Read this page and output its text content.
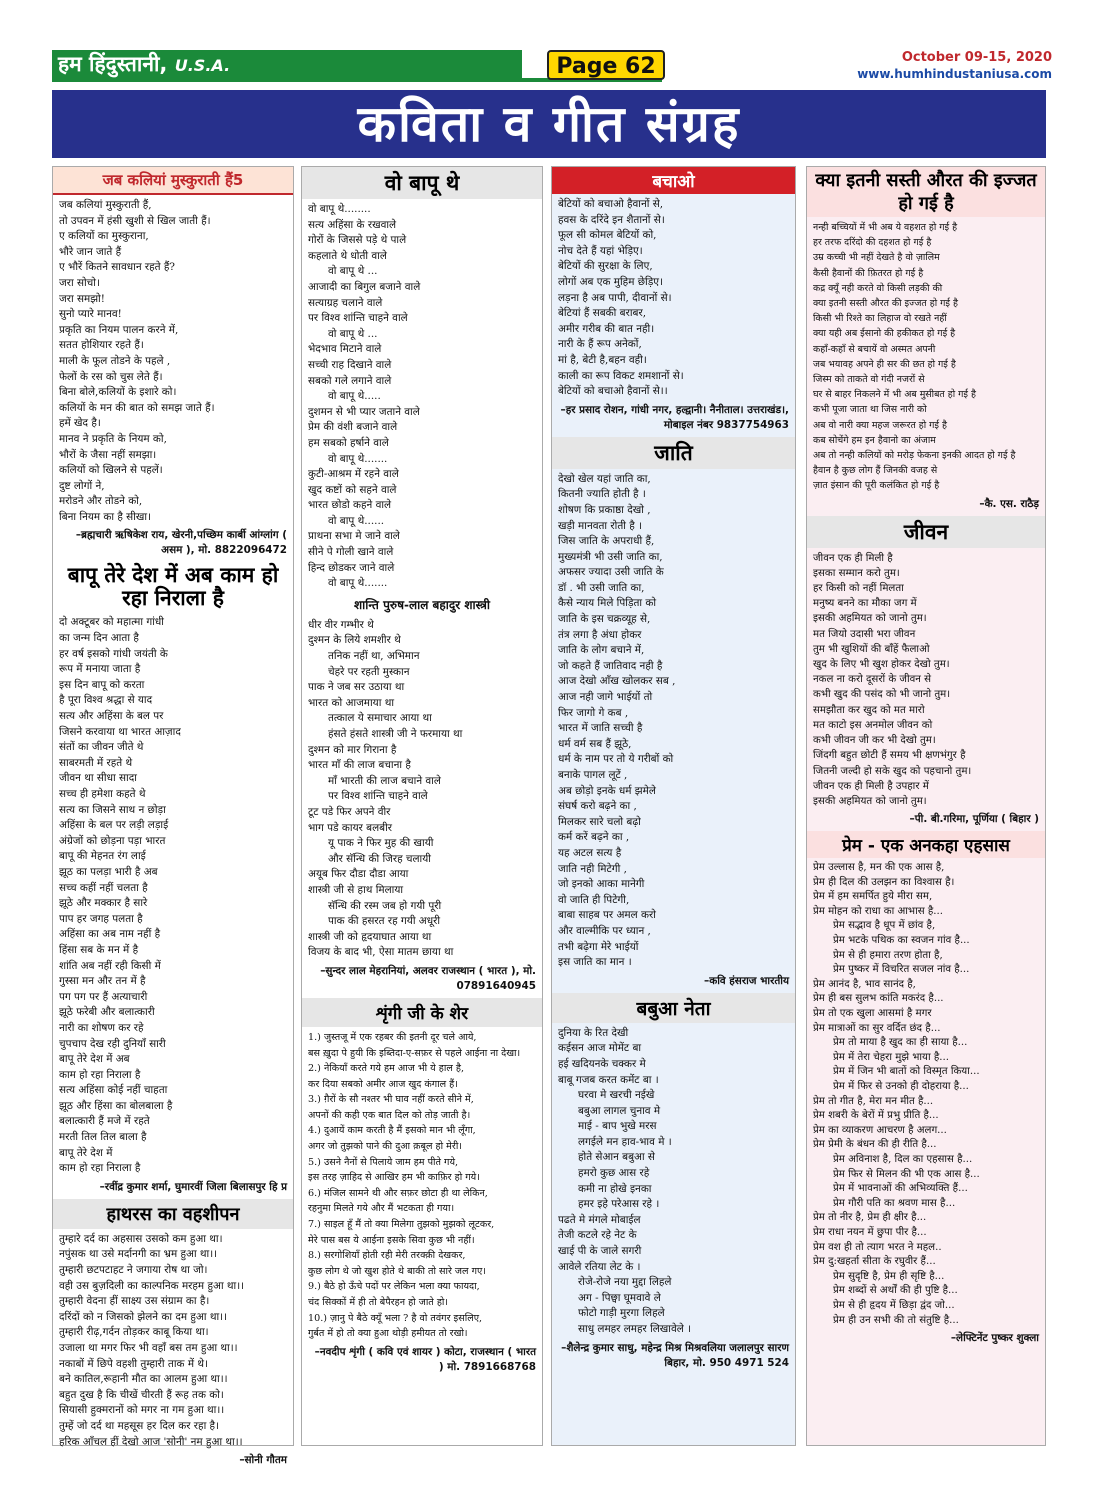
हम हिंदुस्तानी, U.S.A.	Page 62	October 09-15, 2020
www.humhindustaniusa.com
कविता व गीत संग्रह
जब कलियां मुस्कुराती हैं5
जब कलियां मुस्कुराती हैं,
तो उपवन में हंसी खुशी से खिल जाती हैं।
ए कलियों का मुस्कुराना,
भौरे जान जाते हैं
ए भौरें कितने सावधान रहते हैं?
जरा सोचो।
जरा समझो!
सुनो प्यारे मानव!
प्रकृति का नियम पालन करने में,
सतत होशियार रहते हैं।
माली के फूल तोडने के पहले ,
फेलों के रस को चुस लेते हैं।
बिना बोले,कलियों के इशारे को।
कलियों के मन की बात को समझ जाते हैं।
हमें खेद है।
मानव ने प्रकृति के नियम को,
भौरों के जैसा नहीं समझा।
कलियों को खिलने से पहलें।
दुष्ट लोगों ने,
मरोडने और तोडने को,
बिना नियम का है सीखा।
–ब्रह्मचारी ऋषिकेश राय, खेरनी,पच्छिम कार्बी आंग्लांग ( असम ), मो. 8822096472
बापू तेरे देश में अब काम हो रहा निराला है
दो अक्टूबर को महात्मा गांधी
का जन्म दिन आता है
हर वर्ष इसको गांधी जयंती के
रूप में मनाया जाता है
इस दिन बापू को करता
है पूरा विश्व श्रद्धा से याद
सत्य और अहिंसा के बल पर
जिसने करवाया था भारत आज़ाद
संतों का जीवन जीते थे
साबरमती में रहते थे
जीवन था सीधा सादा
सच्च ही हमेशा कहते थे
सत्य का जिसने साथ न छोड़ा
अहिंसा के बल पर लड़ी लड़ाई
अंग्रेजों को छोड़ना पड़ा भारत
बापू की मेहनत रंग लाई
झूठ का पलड़ा भारी है अब
सच्च कहीं नहीं चलता है
झूठे और मक्कार है सारे
पाप हर जगह पलता है
अहिंसा का अब नाम नहीं है
हिंसा सब के मन में है
शांति अब नहीं रही किसी में
गुस्सा मन और तन में है
पग पग पर हैं अत्याचारी
झूठे फरेबी और बलात्कारी
नारी का शोषण कर रहे
चुपचाप देख रही दुनियाँ सारी
बापू तेरे देश में अब
काम हो रहा निराला है
सत्य अहिंसा कोई नहीं चाहता
झूठ और हिंसा का बोलबाला है
बलात्कारी हैं मजे में रहते
मरती तिल तिल बाला है
बापू तेरे देश में
काम हो रहा निराला है
–रवींद्र कुमार शर्मा, घुमारवीं जिला बिलासपुर हि प्र
हाथरस का वहशीपन
तुम्हारे दर्द का अहसास उसको कम हुआ था।
नपुंसक था उसे मर्दानगी का भ्रम हुआ था।।
तुम्हारी छटपटाहट ने जगाया रोष था जो।
वही उस बुज़दिली का काल्पनिक मरहम हुआ था।।
तुम्हारी वेदना हीं साक्ष्य उस संग्राम का है।
दरिंदों को न जिसको झेलने का दम हुआ था।।
तुम्हारी रीढ़,गर्दन तोड़कर काबू किया था।
उजाला था मगर फिर भी वहाँ बस तम हुआ था।।
नकाबों में छिपे वहशी तुम्हारी ताक में थे।
बने कातिल,रूहानी मौत का आलम हुआ था।।
बहुत दुख है कि चीखें चीरती हैं रूह तक को।
सियासी हुक्मरानों को मगर ना गम हुआ था।।
तुम्हें जो दर्द था महसूस हर दिल कर रहा है।
हरिक आँचल हीं देखो आज 'सोनी' नम हुआ था।।
–सोनी गौतम
वो बापू थे
वो बापू थे........
सत्य अहिंसा के रखवाले
गोरों के जिससे पड़े थे पाले
कहलाते थे धोती वाले
वो बापू थे ...
आजादी का बिगुल बजाने वाले
सत्याग्रह चलाने वाले
पर विश्व शांन्ति चाहने वाले
वो बापू थे ...
भेदभाव मिटाने वाले
सच्ची राह दिखाने वाले
सबको गले लगाने वाले
वो बापू थे.....
दुशमन से भी प्यार जताने वाले
प्रेम की वंशी बजाने वाले
हम सबको हर्षाने वाले
वो बापू थे.......
कुटी-आश्रम में रहने वाले
खुद कष्टों को सहने वाले
भारत छोडो कहने वाले
वो बापू थे......
प्राथना सभा मे जाने वाले
सीने पे गोली खाने वाले
हिन्द छोडकर जाने वाले
वो बापू थे.......
शान्ति पुरुष-लाल बहादुर शास्त्री
धीर वीर गम्भीर थे
दुश्मन के लिये शमशीर थे
तनिक नहीं था, अभिमान
चेहरे पर रहती मुस्कान
पाक ने जब सर उठाया था
भारत को आजमाया था
तत्काल ये समाचार आया था
हंसते हंसते शास्त्री जी ने फरमाया था
दुश्मन को मार गिराना है
भारत माँ की लाज बचाना है
माँ भारती की लाज बचाने वाले
पर विश्व शांन्ति चाहने वाले
टूट पडे फिर अपने वीर
भाग पडे कायर बलबीर
यू पाक ने फिर मुह की खायी
और सॅन्धि की जिरह चलायी
अयूब फिर दौडा दौडा आया
शास्त्री जी से हाथ मिलाया
सॅन्धि की रस्म जब हो गयी पूरी
पाक की हसरत रह गयी अधूरी
शास्त्री जी को हृदयाघात आया था
विजय के बाद भी, ऐसा मातम छाया था
–सुन्दर लाल मेहरानियां, अलवर राजस्थान ( भारत ), मो. 07891640945
शृंगी जी के शेर
1.) जुस्तजू में एक रहबर की इतनी दूर चले आये,
बस ख़ुदा पे हुयी कि इब्तिदा-ए-सफ़र से पहले आईना ना देखा।
2.) नेकियाँ करते गये हम आज भी ये हाल है,
कर दिया सबको अमीर आज खुद कंगाल हैं।
3.) ग़ैरों के सौ नश्तर भी घाव नहीं करते सीने में,
अपनों की कही एक बात दिल को तोड़ जाती है।
4.) दुआयें काम करती है मैं इसको मान भी लूँगा,
अगर जो तुझको पाने की दुआ क़बूल हो मेरी।
5.) उसने नैनों से पिलाये जाम हम पीते गये,
इस तरह ज़ाहिद से आखिर हम भी काफ़िर हो गये।
6.) मंजिल सामने थी और सफ़र छोटा ही था लेकिन,
रहनुमा मिलते गये और मैं भटकता ही गया।
7.) साइल हूँ मैं तो क्या मिलेगा तुझको मुझको लूटकर,
मेरे पास बस ये आईना इसके सिवा कुछ भी नहीं।
8.) सरगोशियाँ होती रही मेरी तरक्क़ी देखकर,
कुछ लोग थे जो खुश होते थे बाकी तो सारे जल गए।
9.) बैठे हो ऊँचे पदों पर लेकिन भला क्या फायदा,
चंद सिक्कों में ही तो बेपैरहन हो जाते हो।
10.) ज़ानु पे बैठे क्यूँ भला ? है वो तवंगर इसलिए,
गुर्बत में हो तो क्या हुआ थोड़ी हमीयत तो रखो।
–नवदीप शृंगी ( कवि एवं शायर ) कोटा, राजस्थान ( भारत ) मो. 7891668768
बचाओ
बेटियों को बचाओ हैवानों से,
हवस के दरिंदे इन शैतानों से।
फूल सी कोमल बेटियों को,
नोच देते हैं यहां भेड़िए।
बेटियों की सुरक्षा के लिए,
लोगों अब एक मुहिम छेड़िए।
लड़ना है अब पापी, दीवानों से।
बेटियां हैं सबकी बराबर,
अमीर गरीब की बात नही।
नारी के हैं रूप अनेकों,
मां है, बेटी है,बहन वही।
काली का रूप विकट शमशानों से।
बेटियों को बचाओ हैवानों से।।
–हर प्रसाद रोशन, गांधी नगर, हल्द्वानी। नैनीताल। उत्तराखंड।, मोबाइल नंबर 9837754963
जाति
देखो खेल यहां जाति का,
कितनी ज्याति होती है ।
शोषण कि प्रकाष्ठा देखो ,
खड़ी मानवता रोती है ।
जिस जाति के अपराधी हैं,
मुख्यमंत्री भी उसी जाति का,
अफसर ज्यादा उसी जाति के
डॉ . भी उसी जाति का,
कैसे न्याय मिले पिड़िता को
जाति के इस चक्रव्यूह से,
तंत्र लगा है अंधा होकर
जाति के लोग बचाने में,
जो कहते हैं जातिवाद नही है
आज देखो आँख खोलकर सब ,
आज नही जागे भाईयों तो
फिर जागो गे कब ,
भारत में जाति सच्ची है
धर्म वर्म सब हैं झूठे,
धर्म के नाम पर तो ये गरीबों को
बनाके पागल लूटें ,
अब छोड़ो इनके धर्म झमेले
संघर्ष करो बढ़ने का ,
मिलकर सारे चलो बढ़ो
कर्म करें बढ़ने का ,
यह अटल सत्य है
जाति नही मिटेगी ,
जो इनको आका मानेगी
वो जाति ही पिटेगी,
बाबा साहब पर अमल करो
और वाल्मीकि पर ध्यान ,
तभी बढ़ेगा मेरे भाईयों
इस जाति का मान ।
–कवि हंसराज भारतीय
बबुआ नेता
दुनिया के रित देखी
कईसन आज मोमेंट बा
हई खदियनके चक्कर मे
बाबू गजब करत कमेंट बा ।
घरवा मे खरची नईखे
बबुआ लागल चुनाव मे
माई - बाप भुखे मरस
लगईले मन हाव-भाव मे ।
होते सेआन बबुआ से
हमरो कुछ आस रहे
कमी ना होखे इनका
हमर इहे परेआस रहे ।
पढते मे मंगले मोबाईल
तेजी कटले रहे नेट के
खाई पी के जाले सगरी
आवेले रतिया लेट के ।
रोजे-रोजे नया मुद्दा लिहले
अग - पिछ्वा घूमवावे ले
फोटो गाड़ी मुरगा लिहले
साधु लमहर लमहर लिखावेले ।
–शैलेन्द्र कुमार साधु, महेन्द्र मिश्र मिश्रवलिया जलालपुर सारण बिहार, मो. 950 4971 524
क्या इतनी सस्ती औरत की इज्जत हो गई है
नन्ही बच्चियों में भी अब ये वहशत हो गई है
हर तरफ दरिंदो की दहशत हो गई है
उम्र कच्ची भी नहीं देखते है वो ज़ालिम
कैसी हैवानों की फ़ितरत हो गई है
कद्र क्यूँ नही करते वो किसी लड़की की
क्या इतनी सस्ती औरत की इज्जत हो गई है
किसी भी रिश्ते का लिहाज वो रखते नहीं
क्या यही अब ईसानो की हकीकत हो गई है
कहाँ-कहाँ से बचायें वो अस्मत अपनी
जब भयावह अपने ही सर की छत हो गई है
जिस्म को ताकते वो गंदी नजरों से
घर से बाहर निकलने में भी अब मुसीबत हो गई है
कभी पूजा जाता था जिस नारी को
अब वो नारी क्या महज जरूरत हो गई है
कब सोचेंगे हम इन हैवानो का अंजाम
अब तो नन्ही कलियों को मरोड़ फेकना इनकी आदत हो गई है
हैवान है कुछ लोग हैं जिनकी वजह से
ज़ात इंसान की पूरी कलंकित हो गई है
–कै. एस. राठैड़
जीवन
जीवन एक ही मिली है
इसका सम्मान करो तुम।
हर किसी को नहीं मिलता
मनुष्य बनने का मौका जग में
इसकी अहमियत को जानो तुम।
मत जियो उदासी भरा जीवन
तुम भी खुशियों की बाँहें फैलाओ
खुद के लिए भी खुश होकर देखो तुम।
नकल ना करो दूसरों के जीवन से
कभी खुद की पसंद को भी जानो तुम।
समझौता कर खुद को मत मारो
मत काटो इस अनमोल जीवन को
कभी जीवन जी कर भी देखो तुम।
जिंदगी बहुत छोटी हैं समय भी क्षणभंगुर है
जितनी जल्दी हो सके खुद को पहचानो तुम।
जीवन एक ही मिली है उपहार में
इसकी अहमियत को जानो तुम।
–पी. बी.गरिमा, पूर्णिया ( बिहार )
प्रेम - एक अनकहा एहसास
प्रेम उल्लास है, मन की एक आस है,
प्रेम ही दिल की उलझन का विश्वास है।
प्रेम में हम समर्पित हुये मीरा सम,
प्रेम मोहन को राधा का आभास है...
प्रेम सद्भाव है धूप में छांव है,
प्रेम भटके पथिक का स्वजन गांव है...
प्रेम से ही हमारा तरण होता है,
प्रेम पुष्कर में विचरित सजल नांव है...
प्रेम आनंद है, भाव सानंद है,
प्रेम ही बस सुलभ कांति मकरंद है...
प्रेम तो एक खुला आसमां है मगर
प्रेम मात्राओं का सुर वर्दित छंद है...
प्रेम तो माया है खुद का ही साया है...
प्रेम में तेरा चेहरा मुझे भाया है...
प्रेम में जिन भी बातों को विस्मृत किया...
प्रेम में फिर से उनको ही दोहराया है...
प्रेम तो गीत है, मेरा मन मीत है...
प्रेम शबरी के बेरों में प्रभु प्रीति है...
प्रेम का व्याकरण आचरण है अलग...
प्रेम प्रेमी के बंधन की ही रीति है...
प्रेम अविनाश है, दिल का एहसास है...
प्रेम फिर से मिलन की भी एक आस है...
प्रेम में भावनाओं की अभिव्यक्ति हैं...
प्रेम गौरी पति का श्रवण मास है...
प्रेम तो नीर है, प्रेम ही क्षीर है...
प्रेम राधा नयन में छुपा पीर है...
प्रेम वश ही तो त्याग भरत ने महल..
प्रेम दु:खहर्ता सीता के रघुवीर हैं...
प्रेम सुदृष्टि है, प्रेम ही सृष्टि है...
प्रेम शब्दों से अर्थों की ही पुष्टि है...
प्रेम से ही हृदय में छिड़ा द्वंद जो...
प्रेम ही उन सभी की तो संतुष्टि है...
–लेफ्टिनेंट पुष्कर शुक्ला
